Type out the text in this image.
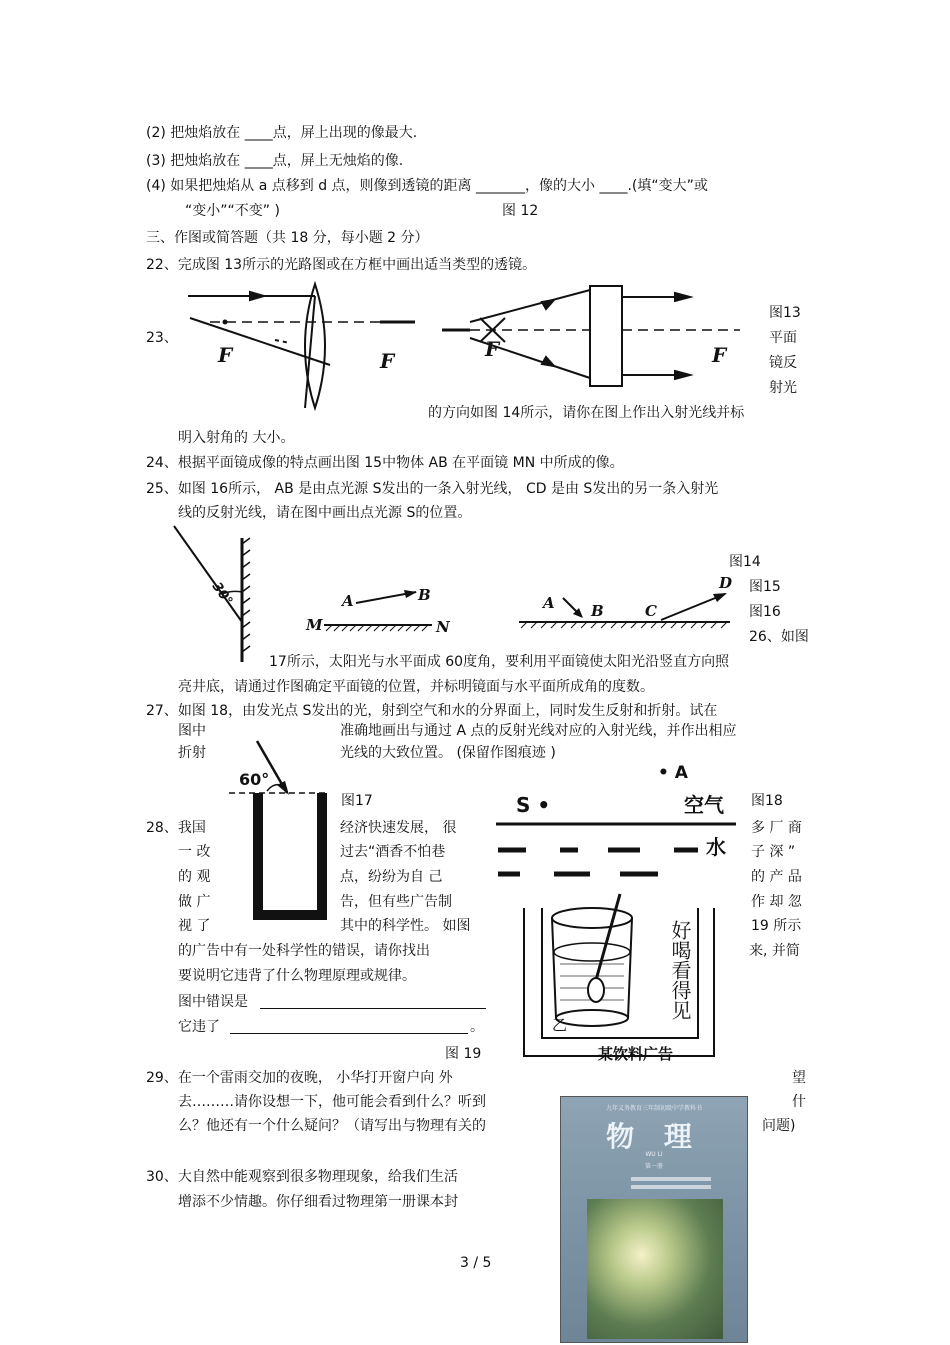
(2) 把烛焰放在 ____点，屏上出现的像最大.
(3) 把烛焰放在 ____点，屏上无烛焰的像.
(4) 如果把烛焰从 a 点移到 d 点，则像到透镜的距离 _______，像的大小 ____.(填“变大”或
“变小”“不变” )	图 12
三、作图或简答题（共 18 分，每小题 2 分）
22、完成图 13所示的光路图或在方框中画出适当类型的透镜。
F	F	F	F
23、
图13
平面
镜反
射光
的方向如图 14所示，请你在图上作出入射光线并标
明入射角的 大小。
24、根据平面镜成像的特点画出图 15中物体 AB 在平面镜 MN 中所成的像。
25、如图 16所示， AB 是由点光源 S发出的一条入射光线， CD 是由 S发出的另一条入射光
线的反射光线，请在图中画出点光源 S的位置。
30°	A	B
M	N
A B	C
D
图14
图15
图16
26、如图
17所示，太阳光与水平面成 60度角，要利用平面镜使太阳光沿竖直方向照
亮井底，请通过作图确定平面镜的位置，并标明镜面与水平面所成角的度数。
27、如图 18，由发光点 S发出的光，射到空气和水的分界面上，同时发生反射和折射。试在
图中	准确地画出与通过 A 点的反射光线对应的入射光线，并作出相应
折射	光线的大致位置。 (保留作图痕迹 )
60°
图17
• A
S •	空气
水
图18
28、我国
一 改
的 观
做 广
视 了
经济快速发展， 很
过去“酒香不怕巷
点，纷纷为自 己
告，但有些广告制
其中的科学性。 如图
多 厂 商
子 深 ”
的 产 品
作 却 忽
19 所示
的广告中有一处科学性的错误，请你找出	来, 并简
要说明它违背了什么物理原理或规律。
图中错误是
它违了	。
图 19
好喝看得见
乙
某饮料广告
29、在一个雷雨交加的夜晚， 小华打开窗户向 外	望
去………请你设想一下，他可能会看到什么？听到	什
么？他还有一个什么疑问？（请写出与物理有关的	问题)
30、大自然中能观察到很多物理现象，给我们生活
增添不少情趣。你仔细看过物理第一册课本封
九年义务教育三年制初级中学教科书
物 理
WU LI
第一册
3 / 5
